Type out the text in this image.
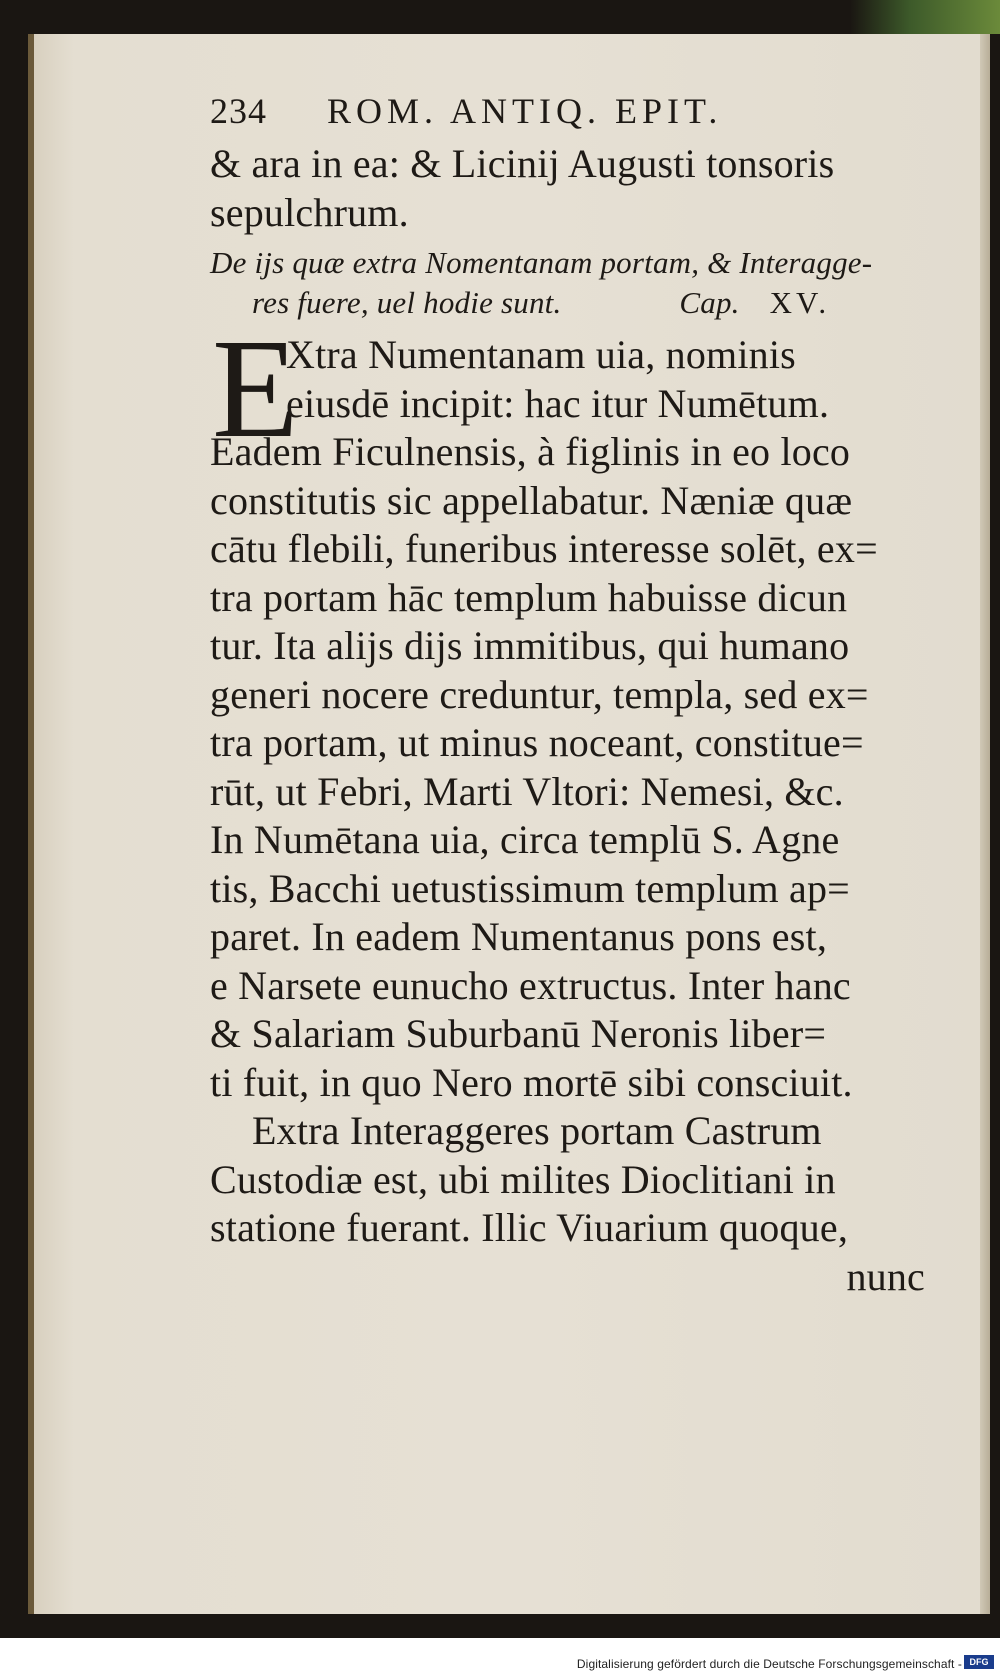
234 ROM. ANTIQ. EPIT.
& ara in ea: & Licinij Augusti tonsoris
sepulchrum.
De ijs quæ extra Nomentanam portam, & Interagge-
res fuere, uel hodie sunt.	Cap. XV.
E
Xtra Numentanam uia, nominis
eiusdē incipit: hac itur Numētum.
Eadem Ficulnensis, à figlinis in eo loco
constitutis sic appellabatur. Næniæ quæ
cātu flebili, funeribus interesse solēt, ex=
tra portam hāc templum habuisse dicun
tur. Ita alijs dijs immitibus, qui humano
generi nocere creduntur, templa, sed ex=
tra portam, ut minus noceant, constitue=
rūt, ut Febri, Marti Vltori: Nemesi, &c.
In Numētana uia, circa templū S. Agne
tis, Bacchi uetustissimum templum ap=
paret. In eadem Numentanus pons est,
e Narsete eunucho extructus. Inter hanc
& Salariam Suburbanū Neronis liber=
ti fuit, in quo Nero mortē sibi consciuit.
Extra Interaggeres portam Castrum
Custodiæ est, ubi milites Dioclitiani in
statione fuerant. Illic Viuarium quoque,
nunc
Digitalisierung gefördert durch die Deutsche Forschungsgemeinschaft - DFG
